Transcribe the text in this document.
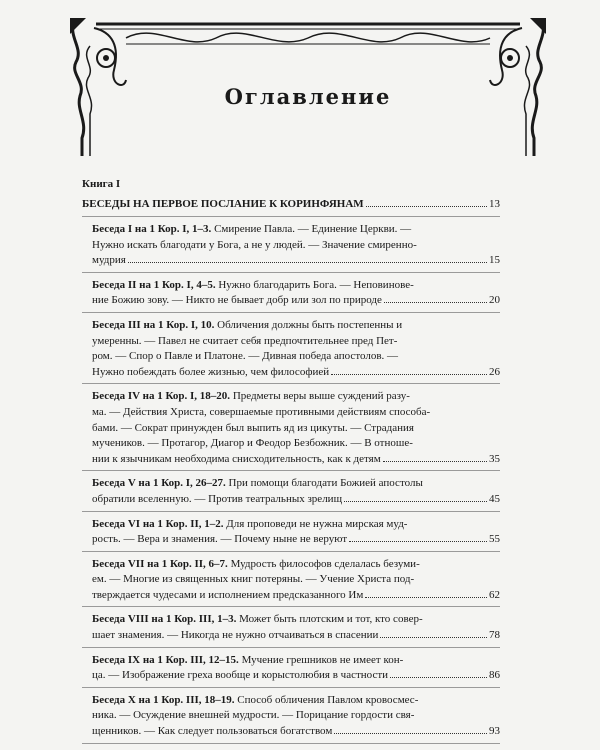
Оглавление
Книга I
БЕСЕДЫ НА ПЕРВОЕ ПОСЛАНИЕ К КОРИНФЯНАМ	13
Беседа I на 1 Кор. I, 1–3. Смирение Павла. — Единение Церкви. —
Нужно искать благодати у Бога, а не у людей. — Значение смиренно-
мудрия	15
Беседа II на 1 Кор. I, 4–5. Нужно благодарить Бога. — Неповинове-
ние Божию зову. — Никто не бывает добр или зол по природе	20
Беседа III на 1 Кор. I, 10. Обличения должны быть постепенны и
умеренны. — Павел не считает себя предпочтительнее пред Пет-
ром. — Спор о Павле и Платоне. — Дивная победа апостолов. —
Нужно побеждать более жизнью, чем философией	26
Беседа IV на 1 Кор. I, 18–20. Предметы веры выше суждений разу-
ма. — Действия Христа, совершаемые противными действиям способа-
бами. — Сократ принужден был выпить яд из цикуты. — Страдания
мучеников. — Протагор, Диагор и Феодор Безбожник. — В отноше-
нии к язычникам необходима снисходительность, как к детям	35
Беседа V на 1 Кор. I, 26–27. При помощи благодати Божией апостолы
обратили вселенную. — Против театральных зрелищ	45
Беседа VI на 1 Кор. II, 1–2. Для проповеди не нужна мирская муд-
рость. — Вера и знамения. — Почему ныне не веруют	55
Беседа VII на 1 Кор. II, 6–7. Мудрость философов сделалась безуми-
ем. — Многие из священных книг потеряны. — Учение Христа под-
тверждается чудесами и исполнением предсказанного Им	62
Беседа VIII на 1 Кор. III, 1–3. Может быть плотским и тот, кто совер-
шает знамения. — Никогда не нужно отчаиваться в спасении	78
Беседа IX на 1 Кор. III, 12–15. Мучение грешников не имеет кон-
ца. — Изображение греха вообще и корыстолюбия в частности	86
Беседа X на 1 Кор. III, 18–19. Способ обличения Павлом кровосмес-
ника. — Осуждение внешней мудрости. — Порицание гордости свя-
щенников. — Как следует пользоваться богатством	93
